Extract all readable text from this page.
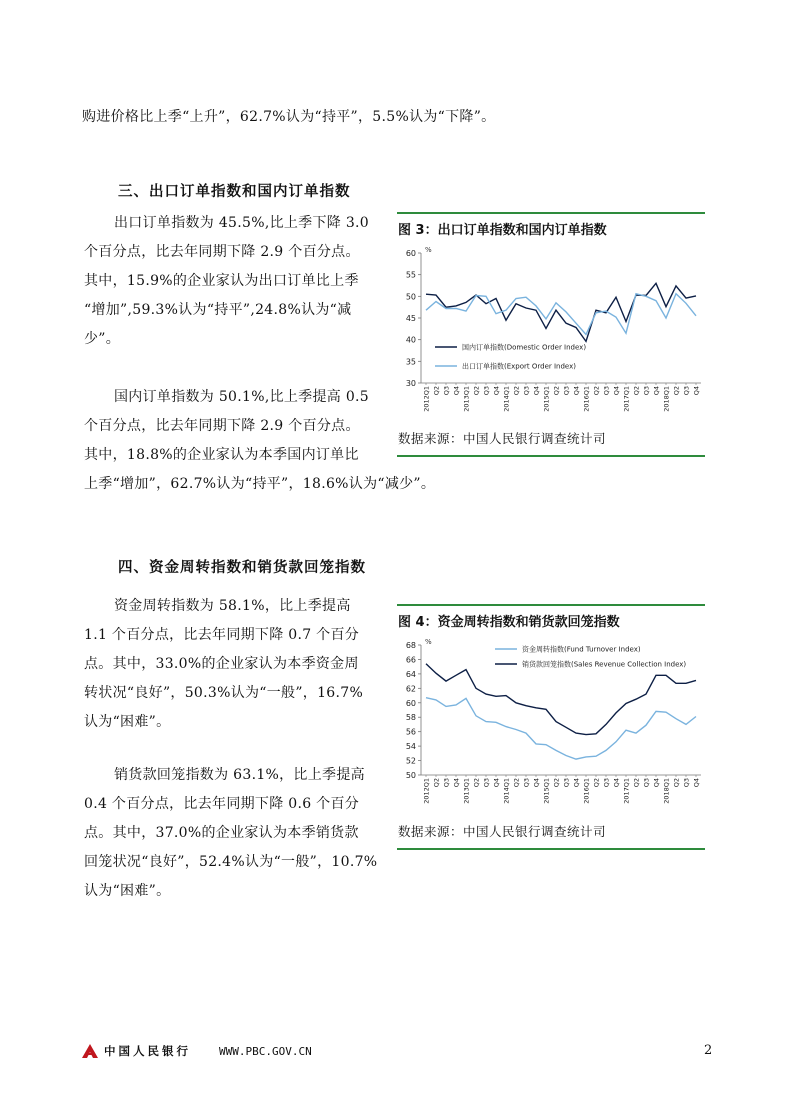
购进价格比上季“上升”，62.7%认为“持平”，5.5%认为“下降”。
三、出口订单指数和国内订单指数
出口订单指数为 45.5%,比上季下降 3.0
个百分点，比去年同期下降 2.9 个百分点。
其中，15.9%的企业家认为出口订单比上季
“增加”,59.3%认为“持平”,24.8%认为“减
少”。
国内订单指数为 50.1%,比上季提高 0.5
个百分点，比去年同期下降 2.9 个百分点。
其中，18.8%的企业家认为本季国内订单比
上季“增加”，62.7%认为“持平”，18.6%认为“减少”。
图 3：出口订单指数和国内订单指数
%
30
35
40
45
50
55
60
2012Q1 Q2 Q3 Q4 2013Q1 Q2 Q3 Q4 2014Q1 Q2 Q3 Q4 2015Q1 Q2 Q3 Q4 2016Q1 Q2 Q3 Q4 2017Q1 Q2 Q3 Q4 2018Q1 Q2 Q3 Q4
国内订单指数(Domestic Order Index)
出口订单指数(Export Order Index)
数据来源：中国人民银行调查统计司
四、资金周转指数和销货款回笼指数
资金周转指数为 58.1%，比上季提高
1.1 个百分点，比去年同期下降 0.7 个百分
点。其中，33.0%的企业家认为本季资金周
转状况“良好”，50.3%认为“一般”，16.7%
认为“困难”。
销货款回笼指数为 63.1%，比上季提高
0.4 个百分点，比去年同期下降 0.6 个百分
点。其中，37.0%的企业家认为本季销货款
回笼状况“良好”，52.4%认为“一般”，10.7%
认为“困难”。
图 4：资金周转指数和销货款回笼指数
%
50
52
54
56
58
60
62
64
66
68
2012Q1 Q2 Q3 Q4 2013Q1 Q2 Q3 Q4 2014Q1 Q2 Q3 Q4 2015Q1 Q2 Q3 Q4 2016Q1 Q2 Q3 Q4 2017Q1 Q2 Q3 Q4 2018Q1 Q2 Q3 Q4
资金周转指数(Fund Turnover Index)
销货款回笼指数(Sales Revenue Collection Index)
数据来源：中国人民银行调查统计司
中国人民银行	WWW.PBC.GOV.CN	2
